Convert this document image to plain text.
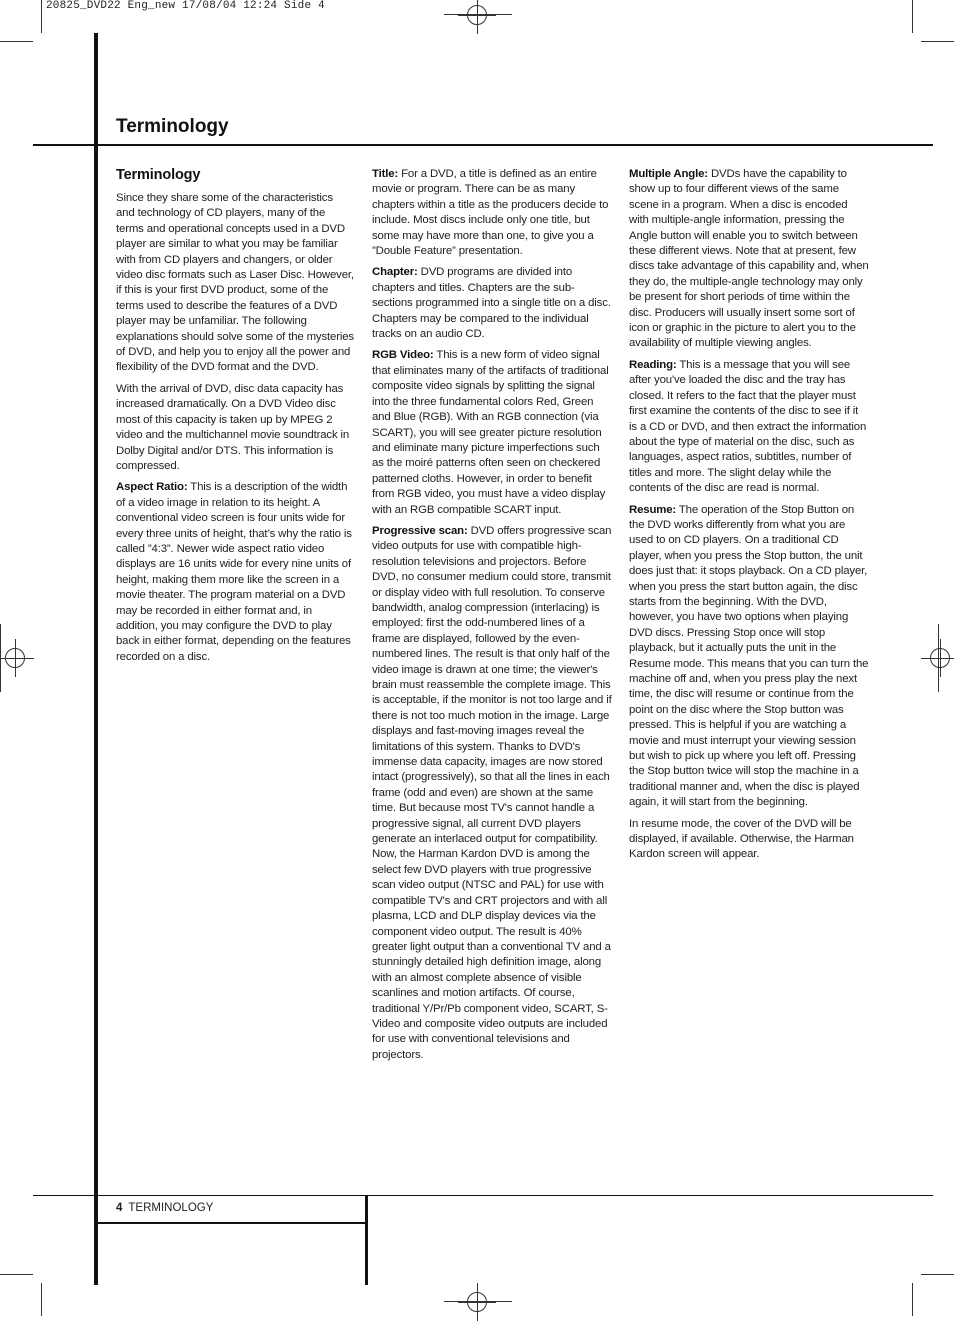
20825_DVD22 Eng_new 17/08/04 12:24 Side 4
Terminology
Terminology

Since they share some of the characteristics and technology of CD players, many of the terms and operational concepts used in a DVD player are similar to what you may be familiar with from CD players and changers, or older video disc formats such as Laser Disc. However, if this is your first DVD product, some of the terms used to describe the features of a DVD player may be unfamiliar. The following explanations should solve some of the mysteries of DVD, and help you to enjoy all the power and flexibility of the DVD format and the DVD.

With the arrival of DVD, disc data capacity has increased dramatically. On a DVD Video disc most of this capacity is taken up by MPEG 2 video and the multichannel movie soundtrack in Dolby Digital and/or DTS. This information is compressed.

Aspect Ratio: This is a description of the width of a video image in relation to its height. A conventional video screen is four units wide for every three units of height, that’s why the ratio is called ”4:3”. Newer wide aspect ratio video displays are 16 units wide for every nine units of height, making them more like the screen in a movie theater. The program material on a DVD may be recorded in either format and, in addition, you may configure the DVD to play back in either format, depending on the features recorded on a disc.

Title: For a DVD, a title is defined as an entire movie or program. There can be as many chapters within a title as the producers decide to include. Most discs include only one title, but some may have more than one, to give you a ”Double Feature” presentation.

Chapter: DVD programs are divided into chapters and titles. Chapters are the sub-sections programmed into a single title on a disc. Chapters may be compared to the individual tracks on an audio CD.

RGB Video: This is a new form of video signal that eliminates many of the artifacts of traditional composite video signals by splitting the signal into the three fundamental colors Red, Green and Blue (RGB). With an RGB connection (via SCART), you will see greater picture resolution and eliminate many picture imperfections such as the moiré patterns often seen on checkered patterned cloths. However, in order to benefit from RGB video, you must have a video display with an RGB compatible SCART input.

Progressive scan: DVD offers progressive scan video outputs for use with compatible high-resolution televisions and projectors. Before DVD, no consumer medium could store, transmit or display video with full resolution. To conserve bandwidth, analog compression (interlacing) is employed: first the odd-numbered lines of a frame are displayed, followed by the even-numbered lines. The result is that only half of the video image is drawn at one time; the viewer's brain must reassemble the complete image. This is acceptable, if the monitor is not too large and if there is not too much motion in the image. Large displays and fast-moving images reveal the limitations of this system. Thanks to DVD's immense data capacity, images are now stored intact (progressively), so that all the lines in each frame (odd and even) are shown at the same time. But because most TV's cannot handle a progressive signal, all current DVD players generate an interlaced output for compatibility. Now, the Harman Kardon DVD is among the select few DVD players with true progressive scan video output (NTSC and PAL) for use with compatible TV's and CRT projectors and with all plasma, LCD and DLP display devices via the component video output. The result is 40% greater light output than a conventional TV and a stunningly detailed high definition image, along with an almost complete absence of visible scanlines and motion artifacts. Of course, traditional Y/Pr/Pb component video, SCART, S-Video and composite video outputs are included for use with conventional televisions and projectors.

Multiple Angle: DVDs have the capability to show up to four different views of the same scene in a program. When a disc is encoded with multiple-angle information, pressing the Angle button will enable you to switch between these different views. Note that at present, few discs take advantage of this capability and, when they do, the multiple-angle technology may only be present for short periods of time within the disc. Producers will usually insert some sort of icon or graphic in the picture to alert you to the availability of multiple viewing angles.

Reading: This is a message that you will see after you've loaded the disc and the tray has closed. It refers to the fact that the player must first examine the contents of the disc to see if it is a CD or DVD, and then extract the information about the type of material on the disc, such as languages, aspect ratios, subtitles, number of titles and more. The slight delay while the contents of the disc are read is normal.

Resume: The operation of the Stop Button on the DVD works differently from what you are used to on CD players. On a traditional CD player, when you press the Stop button, the unit does just that: it stops playback. On a CD player, when you press the start button again, the disc starts from the beginning. With the DVD, however, you have two options when playing DVD discs. Pressing Stop once will stop playback, but it actually puts the unit in the Resume mode. This means that you can turn the machine off and, when you press play the next time, the disc will resume or continue from the point on the disc where the Stop button was pressed. This is helpful if you are watching a movie and must interrupt your viewing session but wish to pick up where you left off. Pressing the Stop button twice will stop the machine in a traditional manner and, when the disc is played again, it will start from the beginning.

In resume mode, the cover of the DVD will be displayed, if available. Otherwise, the Harman Kardon screen will appear.

4 TERMINOLOGY
